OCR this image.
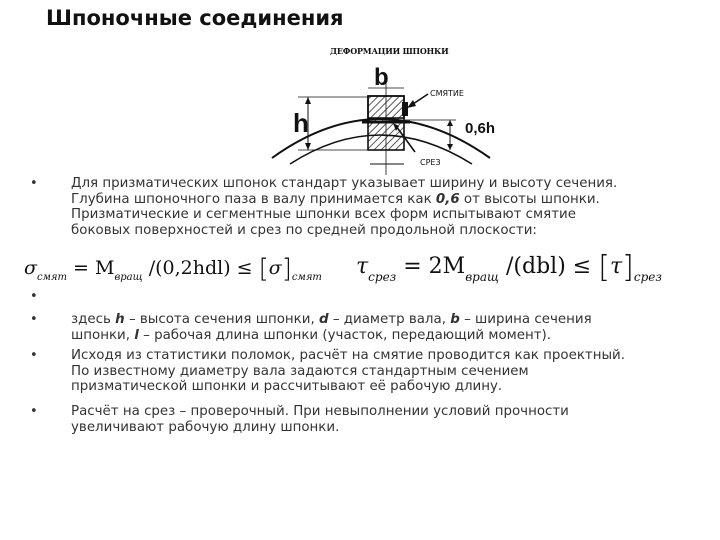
Шпоночные соединения
ДЕФОРМАЦИИ ШПОНКИ
b
h
СМЯТИЕ
0,6h
СРЕЗ
• Для призматических шпонок стандарт указывает ширину и высоту сечения.
Глубина шпоночного паза в валу принимается как 0,6 от высоты шпонки.
Призматические и сегментные шпонки всех форм испытывают смятие
боковых поверхностей и срез по средней продольной плоскости:
$\sigma_{смят} = M_{вращ}$ $/(0,2hdl) \le [\sigma]_{смят}$ $\tau_{срез} = 2M_{вращ}$ $/(dbl) \le [\tau]_{срез}$
•
• здесь h – высота сечения шпонки, d – диаметр вала, b – ширина сечения
шпонки, l – рабочая длина шпонки (участок, передающий момент).
• Исходя из статистики поломок, расчёт на смятие проводится как проектный.
По известному диаметру вала задаются стандартным сечением
призматической шпонки и рассчитывают её рабочую длину.
• Расчёт на срез – проверочный. При невыполнении условий прочности
увеличивают рабочую длину шпонки.
